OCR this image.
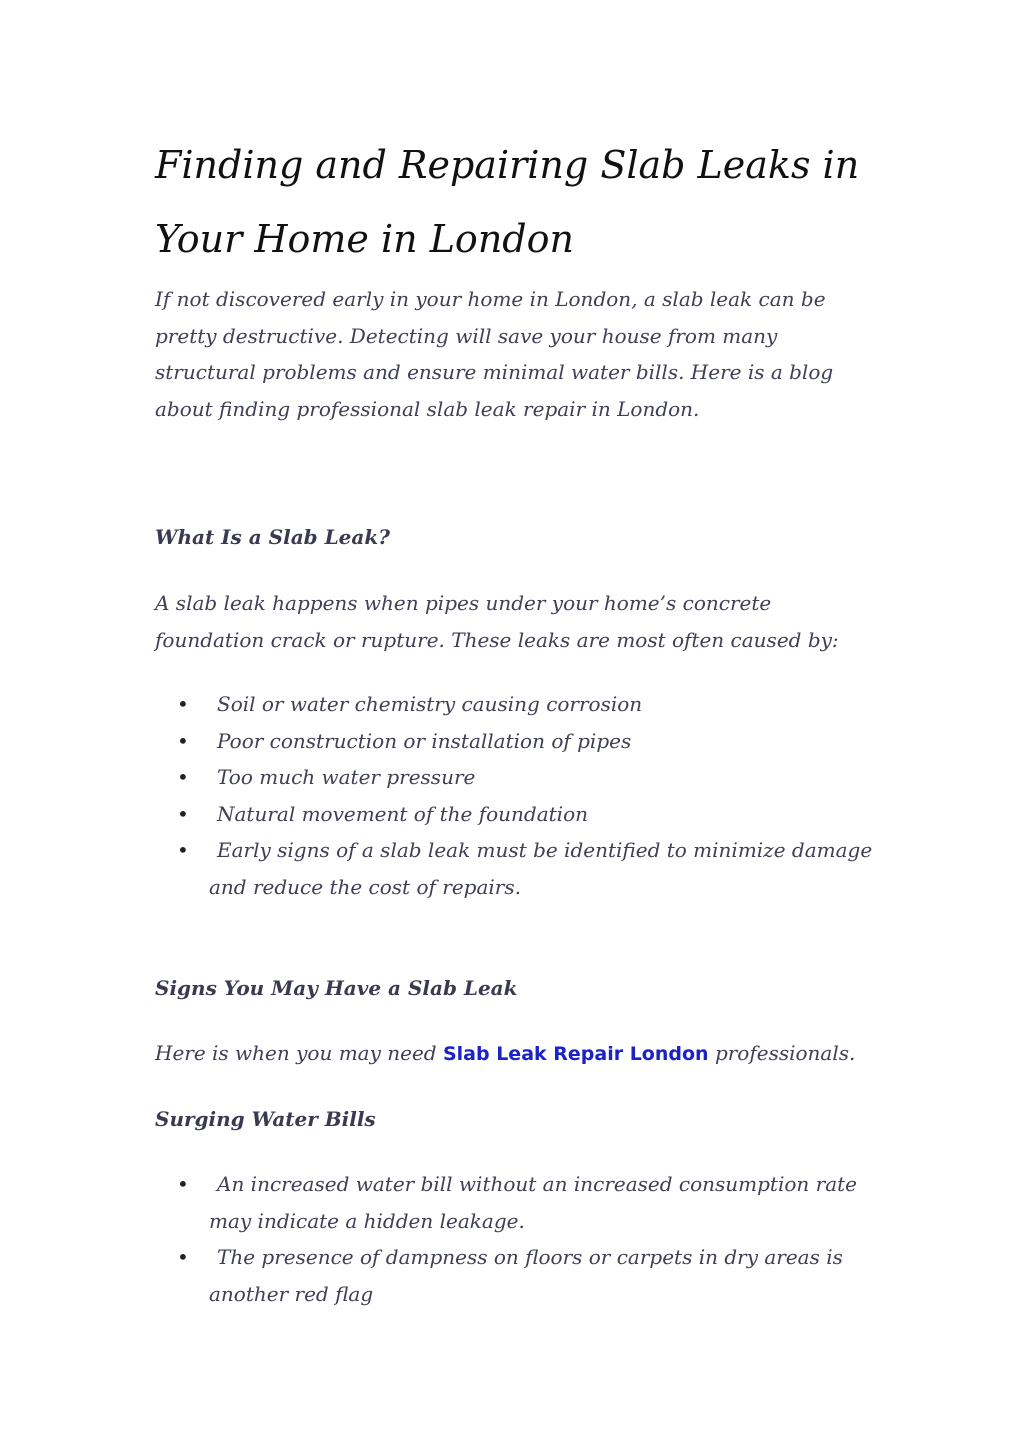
Finding and Repairing Slab Leaks in Your Home in London

If not discovered early in your home in London, a slab leak can be pretty destructive. Detecting will save your house from many structural problems and ensure minimal water bills. Here is a blog about finding professional slab leak repair in London.

What Is a Slab Leak?

A slab leak happens when pipes under your home’s concrete foundation crack or rupture. These leaks are most often caused by:

• Soil or water chemistry causing corrosion
• Poor construction or installation of pipes
• Too much water pressure
• Natural movement of the foundation
• Early signs of a slab leak must be identified to minimize damage and reduce the cost of repairs.
Signs You May Have a Slab Leak

Here is when you may need Slab Leak Repair London professionals.

Surging Water Bills
• An increased water bill without an increased consumption rate may indicate a hidden leakage.
• The presence of dampness on floors or carpets in dry areas is another red flag
